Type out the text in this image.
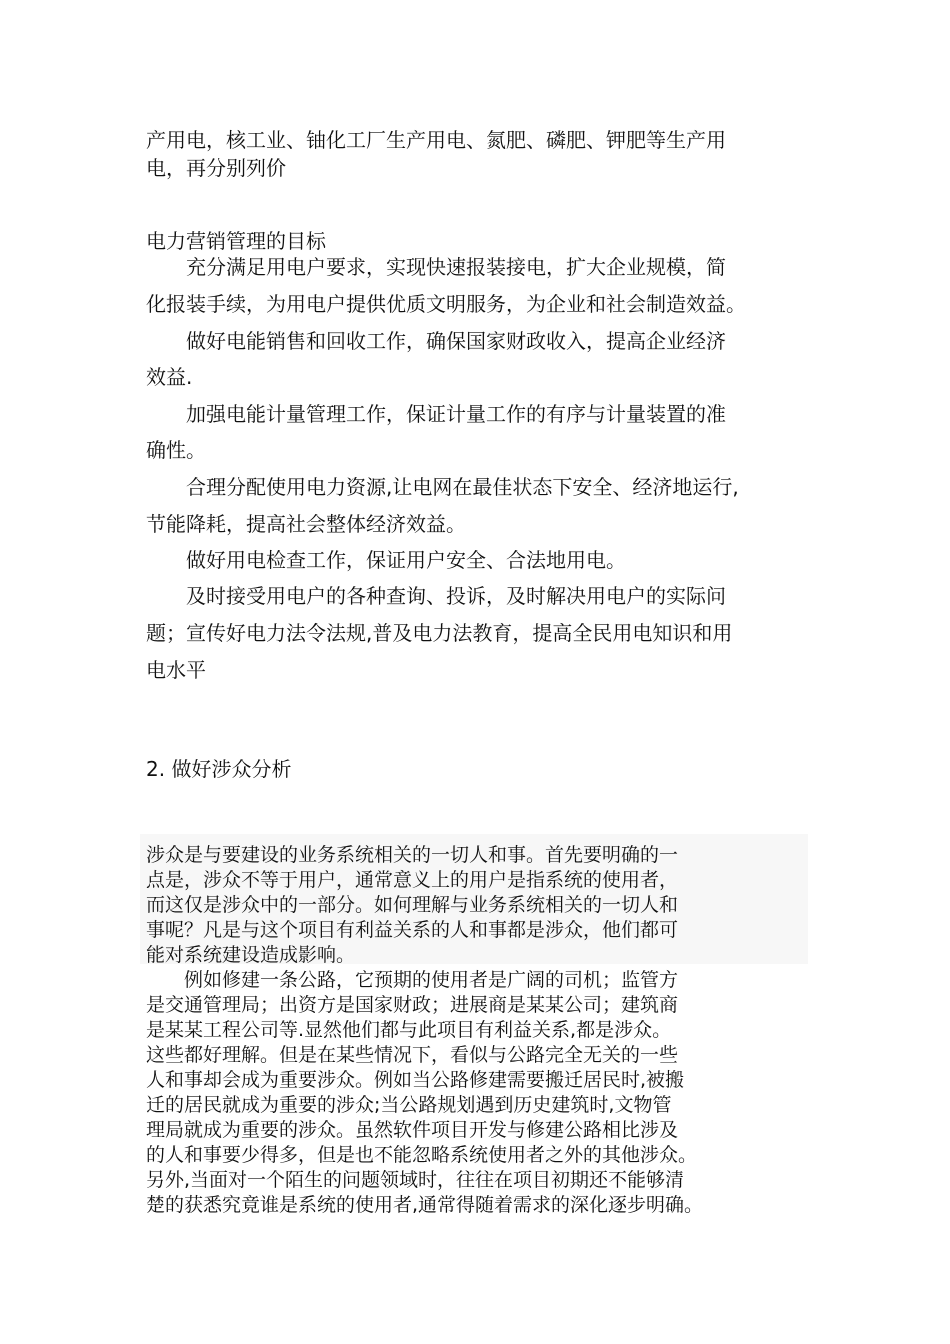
产用电，核工业、铀化工厂生产用电、氮肥、磷肥、钾肥等生产用

电，再分别列价

电力营销管理的目标

　　充分满足用电户要求，实现快速报装接电，扩大企业规模，简

化报装手续，为用电户提供优质文明服务，为企业和社会制造效益。

　　做好电能销售和回收工作，确保国家财政收入，提高企业经济

效益.

　　加强电能计量管理工作，保证计量工作的有序与计量装置的准

确性。

　　合理分配使用电力资源,让电网在最佳状态下安全、经济地运行,

节能降耗，提高社会整体经济效益。

　　做好用电检查工作，保证用户安全、合法地用电。

　　及时接受用电户的各种查询、投诉，及时解决用电户的实际问

题；宣传好电力法令法规,普及电力法教育，提高全民用电知识和用

电水平

2. 做好涉众分析

涉众是与要建设的业务系统相关的一切人和事。首先要明确的一

点是，涉众不等于用户，通常意义上的用户是指系统的使用者，

而这仅是涉众中的一部分。如何理解与业务系统相关的一切人和

事呢？凡是与这个项目有利益关系的人和事都是涉众，他们都可

能对系统建设造成影响。

　　例如修建一条公路，它预期的使用者是广阔的司机；监管方

是交通管理局；出资方是国家财政；进展商是某某公司；建筑商

是某某工程公司等.显然他们都与此项目有利益关系,都是涉众。

这些都好理解。但是在某些情况下，看似与公路完全无关的一些

人和事却会成为重要涉众。例如当公路修建需要搬迁居民时,被搬

迁的居民就成为重要的涉众;当公路规划遇到历史建筑时,文物管

理局就成为重要的涉众。虽然软件项目开发与修建公路相比涉及

的人和事要少得多，但是也不能忽略系统使用者之外的其他涉众。

另外,当面对一个陌生的问题领域时，往往在项目初期还不能够清

楚的获悉究竟谁是系统的使用者,通常得随着需求的深化逐步明确。
